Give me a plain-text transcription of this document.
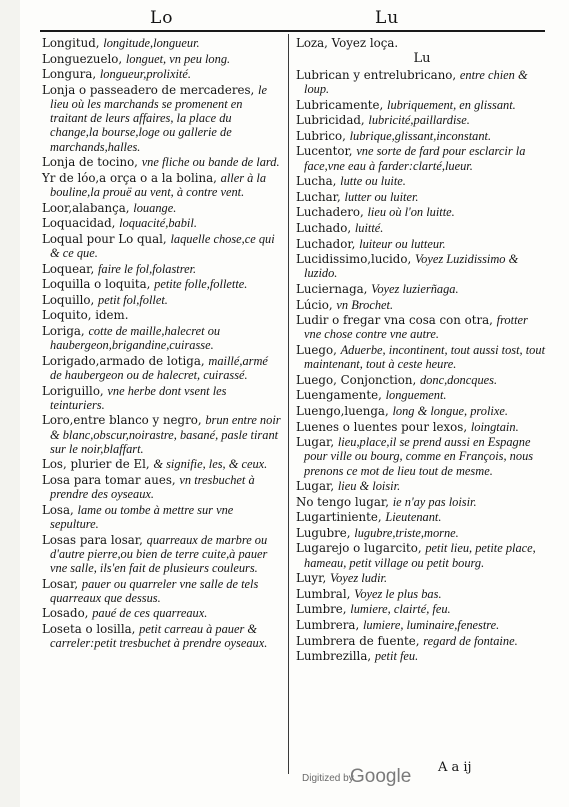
Lo	Lu
Longitud, longitude,longueur.
Longuezuelo, longuet, vn peu long.
Longura, longueur,prolixité.
Lonja o passeadero de mercaderes, le lieu où les marchands se promenent en traitant de leurs affaires, la place du change,la bourse,loge ou gallerie de marchands,halles.
Lonja de tocino, vne fliche ou bande de lard.
Yr de lóo,a orça o a la bolina, aller à la bouline,la prouë au vent, à contre vent.
Loor,alabança, louange.
Loquacidad, loquacité,babil.
Loqual pour Lo qual, laquelle chose,ce qui & ce que.
Loquear, faire le fol,folastrer.
Loquilla o loquita, petite folle,follette.
Loquillo, petit fol,follet.
Loquito, idem.
Loriga, cotte de maille,halecret ou haubergeon,brigandine,cuirasse.
Lorigado,armado de lotiga, maillé,armé de haubergeon ou de halecret, cuirassé.
Loriguillo, vne herbe dont vsent les teinturiers.
Loro,entre blanco y negro, brun entre noir & blanc,obscur,noirastre, basané, pasle tirant sur le noir,blaffart.
Los, plurier de El, & signifie, les, & ceux.
Losa para tomar aues, vn tresbuchet à prendre des oyseaux.
Losa, lame ou tombe à mettre sur vne sepulture.
Losas para losar, quarreaux de marbre ou d'autre pierre,ou bien de terre cuite,à pauer vne salle, ils'en fait de plusieurs couleurs.
Losar, pauer ou quarreler vne salle de tels quarreaux que dessus.
Losado, paué de ces quarreaux.
Loseta o losilla, petit carreau à pauer & carreler:petit tresbuchet à prendre oyseaux.
Loza, Voyez loça.
Lu
Lubrican y entrelubricano, entre chien & loup.
Lubricamente, lubriquement, en glissant.
Lubricidad, lubricité,paillardise.
Lubrico, lubrique,glissant,inconstant.
Lucentor, vne sorte de fard pour esclarcir la face,vne eau à farder:clarté,lueur.
Lucha, lutte ou luite.
Luchar, lutter ou luiter.
Luchadero, lieu où l'on luitte.
Luchado, luitté.
Luchador, luiteur ou lutteur.
Lucidissimo,lucido, Voyez Luzidissimo & luzido.
Luciernaga, Voyez luzierñaga.
Lúcio, vn Brochet.
Ludir o fregar vna cosa con otra, frotter vne chose contre vne autre.
Luego, Aduerbe, incontinent, tout aussi tost, tout maintenant, tout à ceste heure.
Luego, Conjonction, donc,doncques.
Luengamente, longuement.
Luengo,luenga, long & longue, prolixe.
Luenes o luentes pour lexos, loingtain.
Lugar, lieu,place,il se prend aussi en Espagne pour ville ou bourg, comme en François, nous prenons ce mot de lieu tout de mesme.
Lugar, lieu & loisir.
No tengo lugar, ie n'ay pas loisir.
Lugartiniente, Lieutenant.
Lugubre, lugubre,triste,morne.
Lugarejo o lugarcito, petit lieu, petite place, hameau, petit village ou petit bourg.
Luyr, Voyez ludir.
Lumbral, Voyez le plus bas.
Lumbre, lumiere, clairté, feu.
Lumbrera, lumiere, luminaire,fenestre.
Lumbrera de fuente, regard de fontaine.
Lumbrezilla, petit feu.
Digitized by
Google A a ij
